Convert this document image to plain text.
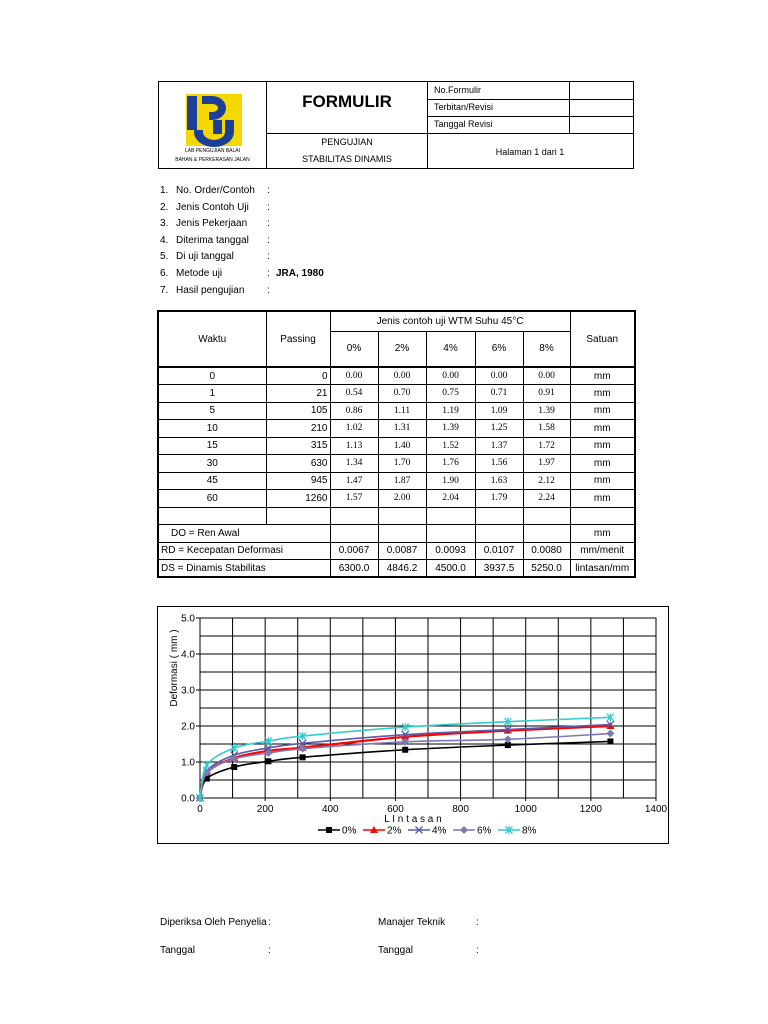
LAB PENGUJIAN BALAI
BAHAN & PERKERASAN JALAN
FORMULIR
PENGUJIAN
STABILITAS DINAMIS
No.Formulir
Terbitan/Revisi
Tanggal Revisi
Halaman 1 dari 1
1. No. Order/Contoh :
2. Jenis Contoh Uji :
3. Jenis Pekerjaan :
4. Diterima tanggal :
5. Di uji tanggal	:
6. Metode uji	: JRA, 1980
7. Hasil pengujian :
Waktu	Passing	Jenis contoh uji WTM Suhu 45°C					Satuan
		0%	2%	4%	6%	8%	
0	0	0.00	0.00	0.00	0.00	0.00	mm
1	21	0.54	0.70	0.75	0.71	0.91	mm
5	105	0.86	1.11	1.19	1.09	1.39	mm
10	210	1.02	1.31	1.39	1.25	1.58	mm
15	315	1.13	1.40	1.52	1.37	1.72	mm
30	630	1.34	1.70	1.76	1.56	1.97	mm
45	945	1.47	1.87	1.90	1.63	2.12	mm
60	1260	1.57	2.00	2.04	1.79	2.24	mm

DO = Ren Awal							mm
RD = Kecepatan Deformasi		0.0067	0.0087	0.0093	0.0107	0.0080	mm/menit
DS = Dinamis Stabilitas		6300.0	4846.2	4500.0	3937.5	5250.0	lintasan/mm
0.0
1.0
2.0
3.0
4.0
5.0
0	200	400	600	800	1000	1200	1400
L I n t a s a n
Deformasi ( mm )
0%	2%	4%	6%	8%
Diperiksa Oleh Penyelia :	Manajer Teknik	:
Tanggal	:	Tanggal	:
